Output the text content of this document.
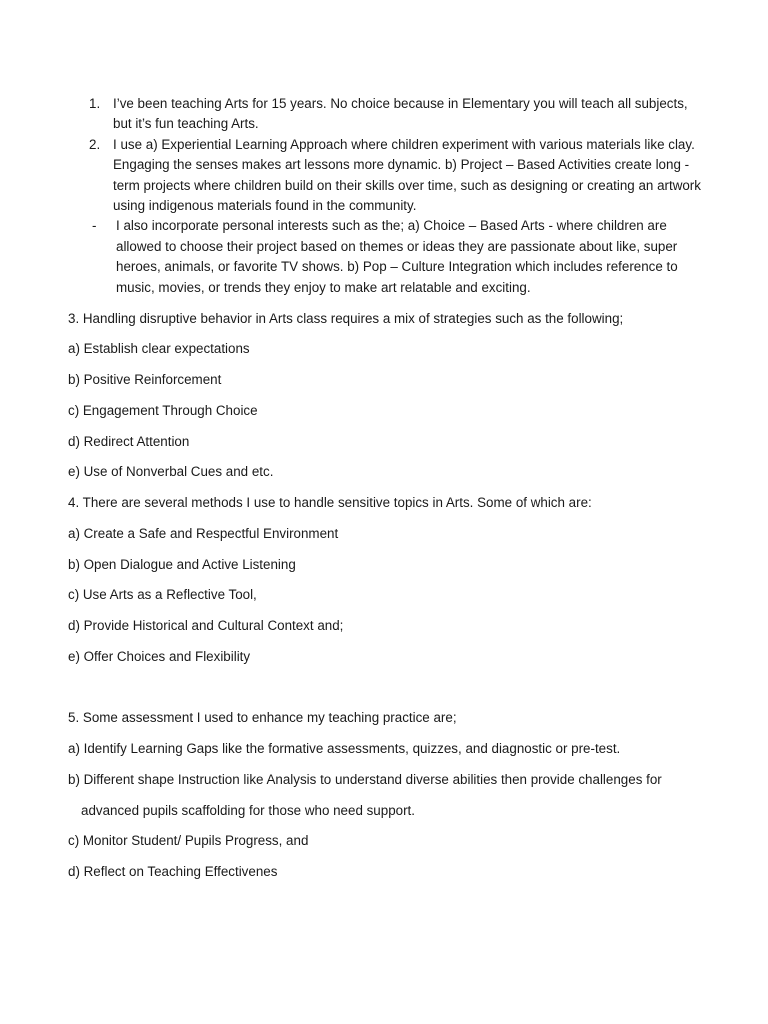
1. I’ve been teaching Arts for 15 years. No choice because in Elementary you will teach all subjects, but it’s fun teaching Arts.
2. I use a) Experiential Learning Approach where children experiment with various materials like clay. Engaging the senses makes art lessons more dynamic. b) Project – Based Activities create long - term projects where children build on their skills over time, such as designing or creating an artwork using indigenous materials found in the community.
- I also incorporate personal interests such as the; a) Choice – Based Arts - where children are allowed to choose their project based on themes or ideas they are passionate about like, super heroes, animals, or favorite TV shows. b) Pop – Culture Integration which includes reference to music, movies, or trends they enjoy to make art relatable and exciting.
3. Handling disruptive behavior in Arts class requires a mix of strategies such as the following;
a) Establish clear expectations
b) Positive Reinforcement
c) Engagement Through Choice
d) Redirect Attention
e) Use of Nonverbal Cues and etc.
4. There are several methods I use to handle sensitive topics in Arts. Some of which are:
a) Create a Safe and Respectful Environment
b) Open Dialogue and Active Listening
c) Use Arts as a Reflective Tool,
d) Provide Historical and Cultural Context and;
e) Offer Choices and Flexibility
5. Some assessment I used to enhance my teaching practice are;
a) Identify Learning Gaps like the formative assessments, quizzes, and diagnostic or pre-test.
b) Different shape Instruction like Analysis to understand diverse abilities then provide challenges for
advanced pupils scaffolding for those who need support.
c) Monitor Student/ Pupils Progress, and
d) Reflect on Teaching Effectivenes
